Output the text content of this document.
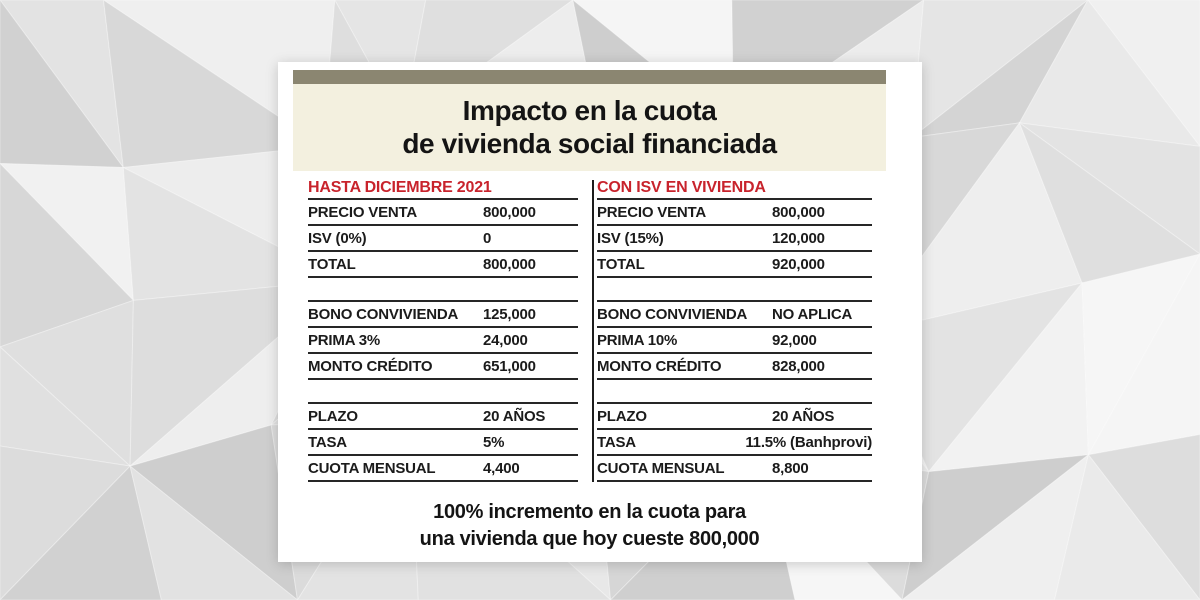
Impacto en la cuota
de vivienda social financiada
HASTA DICIEMBRE 2021
PRECIO VENTA	800,000
ISV (0%)	0
TOTAL	800,000
BONO CONVIVIENDA	125,000
PRIMA 3%	24,000
MONTO CRÉDITO	651,000
PLAZO	20 AÑOS
TASA	5%
CUOTA MENSUAL	4,400
CON ISV EN VIVIENDA
PRECIO VENTA	800,000
ISV (15%)	120,000
TOTAL	920,000
BONO CONVIVIENDA	NO APLICA
PRIMA 10%	92,000
MONTO CRÉDITO	828,000
PLAZO	20 AÑOS
TASA	11.5% (Banhprovi)
CUOTA MENSUAL	8,800
100% incremento en la cuota para
una vivienda que hoy cueste 800,000
